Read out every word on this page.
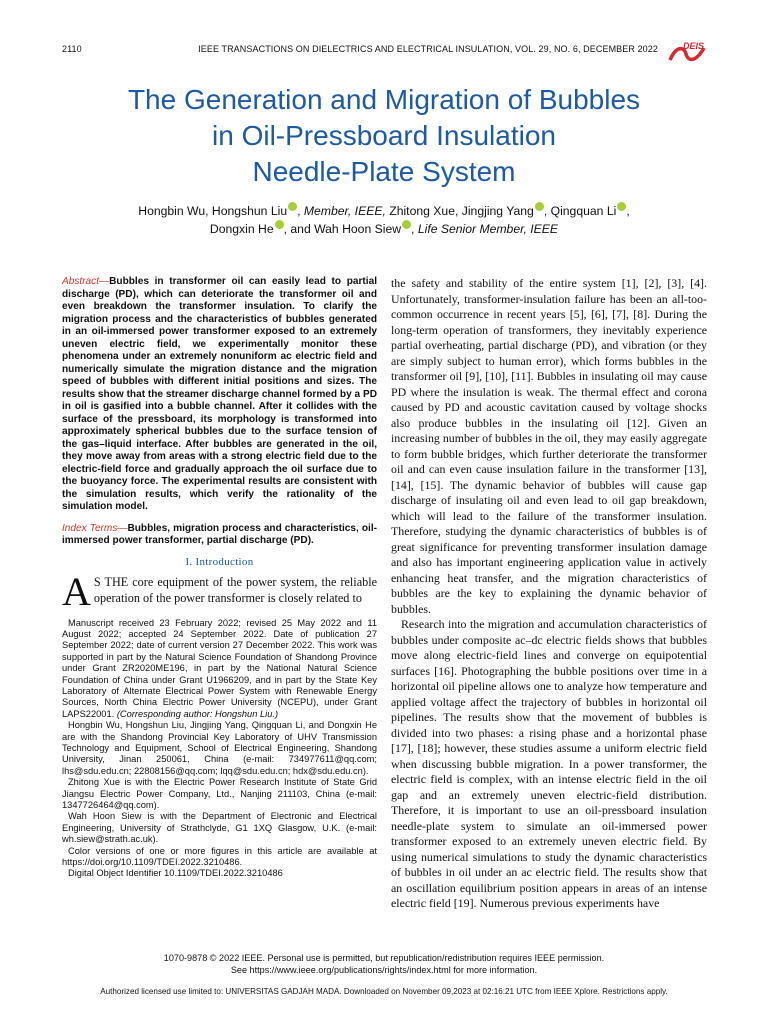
2110	IEEE TRANSACTIONS ON DIELECTRICS AND ELECTRICAL INSULATION, VOL. 29, NO. 6, DECEMBER 2022	DEIS
The Generation and Migration of Bubbles
in Oil-Pressboard Insulation
Needle-Plate System
Hongbin Wu, Hongshun Liu , Member, IEEE, Zhitong Xue, Jingjing Yang , Qingquan Li ,
Dongxin He , and Wah Hoon Siew , Life Senior Member, IEEE

Abstract—Bubbles in transformer oil can easily lead to partial discharge (PD), which can deteriorate the transformer oil and even breakdown the transformer insulation. To clarify the migration process and the characteristics of bubbles generated in an oil-immersed power transformer exposed to an extremely uneven electric field, we experimentally monitor these phenomena under an extremely nonuniform ac electric field and numerically simulate the migration distance and the migration speed of bubbles with different initial positions and sizes. The results show that the streamer discharge channel formed by a PD in oil is gasified into a bubble channel. After it collides with the surface of the pressboard, its morphology is transformed into approximately spherical bubbles due to the surface tension of the gas–liquid interface. After bubbles are generated in the oil, they move away from areas with a strong electric field due to the electric-field force and gradually approach the oil surface due to the buoyancy force. The experimental results are consistent with the simulation results, which verify the rationality of the simulation model.

Index Terms—Bubbles, migration process and characteristics, oil-immersed power transformer, partial discharge (PD).

I. Introduction

A S THE core equipment of the power system, the reliable operation of the power transformer is closely related to

Manuscript received 23 February 2022; revised 25 May 2022 and 11 August 2022; accepted 24 September 2022. Date of publication 27 September 2022; date of current version 27 December 2022. This work was supported in part by the Natural Science Foundation of Shandong Province under Grant ZR2020ME196, in part by the National Natural Science Foundation of China under Grant U1966209, and in part by the State Key Laboratory of Alternate Electrical Power System with Renewable Energy Sources, North China Electric Power University (NCEPU), under Grant LAPS22001. (Corresponding author: Hongshun Liu.)

Hongbin Wu, Hongshun Liu, Jingjing Yang, Qingquan Li, and Dongxin He are with the Shandong Provincial Key Laboratory of UHV Transmission Technology and Equipment, School of Electrical Engineering, Shandong University, Jinan 250061, China (e-mail: 734977611@qq.com; lhs@sdu.edu.cn; 22808156@qq.com; lqq@sdu.edu.cn; hdx@sdu.edu.cn).

Zhitong Xue is with the Electric Power Research Institute of State Grid Jiangsu Electric Power Company, Ltd., Nanjing 211103, China (e-mail: 1347726464@qq.com).

Wah Hoon Siew is with the Department of Electronic and Electrical Engineering, University of Strathclyde, G1 1XQ Glasgow, U.K. (e-mail: wh.siew@strath.ac.uk).

Color versions of one or more figures in this article are available at https://doi.org/10.1109/TDEI.2022.3210486.

Digital Object Identifier 10.1109/TDEI.2022.3210486

the safety and stability of the entire system [1], [2], [3], [4]. Unfortunately, transformer-insulation failure has been an all-too-common occurrence in recent years [5], [6], [7], [8]. During the long-term operation of transformers, they inevitably experience partial overheating, partial discharge (PD), and vibration (or they are simply subject to human error), which forms bubbles in the transformer oil [9], [10], [11]. Bubbles in insulating oil may cause PD where the insulation is weak. The thermal effect and corona caused by PD and acoustic cavitation caused by voltage shocks also produce bubbles in the insulating oil [12]. Given an increasing number of bubbles in the oil, they may easily aggregate to form bubble bridges, which further deteriorate the transformer oil and can even cause insulation failure in the transformer [13], [14], [15]. The dynamic behavior of bubbles will cause gap discharge of insulating oil and even lead to oil gap breakdown, which will lead to the failure of the transformer insulation. Therefore, studying the dynamic characteristics of bubbles is of great significance for preventing transformer insulation damage and also has important engineering application value in actively enhancing heat transfer, and the migration characteristics of bubbles are the key to explaining the dynamic behavior of bubbles.

Research into the migration and accumulation characteristics of bubbles under composite ac–dc electric fields shows that bubbles move along electric-field lines and converge on equipotential surfaces [16]. Photographing the bubble positions over time in a horizontal oil pipeline allows one to analyze how temperature and applied voltage affect the trajectory of bubbles in horizontal oil pipelines. The results show that the movement of bubbles is divided into two phases: a rising phase and a horizontal phase [17], [18]; however, these studies assume a uniform electric field when discussing bubble migration. In a power transformer, the electric field is complex, with an intense electric field in the oil gap and an extremely uneven electric-field distribution. Therefore, it is important to use an oil-pressboard insulation needle-plate system to simulate an oil-immersed power transformer exposed to an extremely uneven electric field. By using numerical simulations to study the dynamic characteristics of bubbles in oil under an ac electric field. The results show that an oscillation equilibrium position appears in areas of an intense electric field [19]. Numerous previous experiments have

1070-9878 © 2022 IEEE. Personal use is permitted, but republication/redistribution requires IEEE permission.
See https://www.ieee.org/publications/rights/index.html for more information.
Authorized licensed use limited to: UNIVERSITAS GADJAH MADA. Downloaded on November 09,2023 at 02:16:21 UTC from IEEE Xplore. Restrictions apply.
